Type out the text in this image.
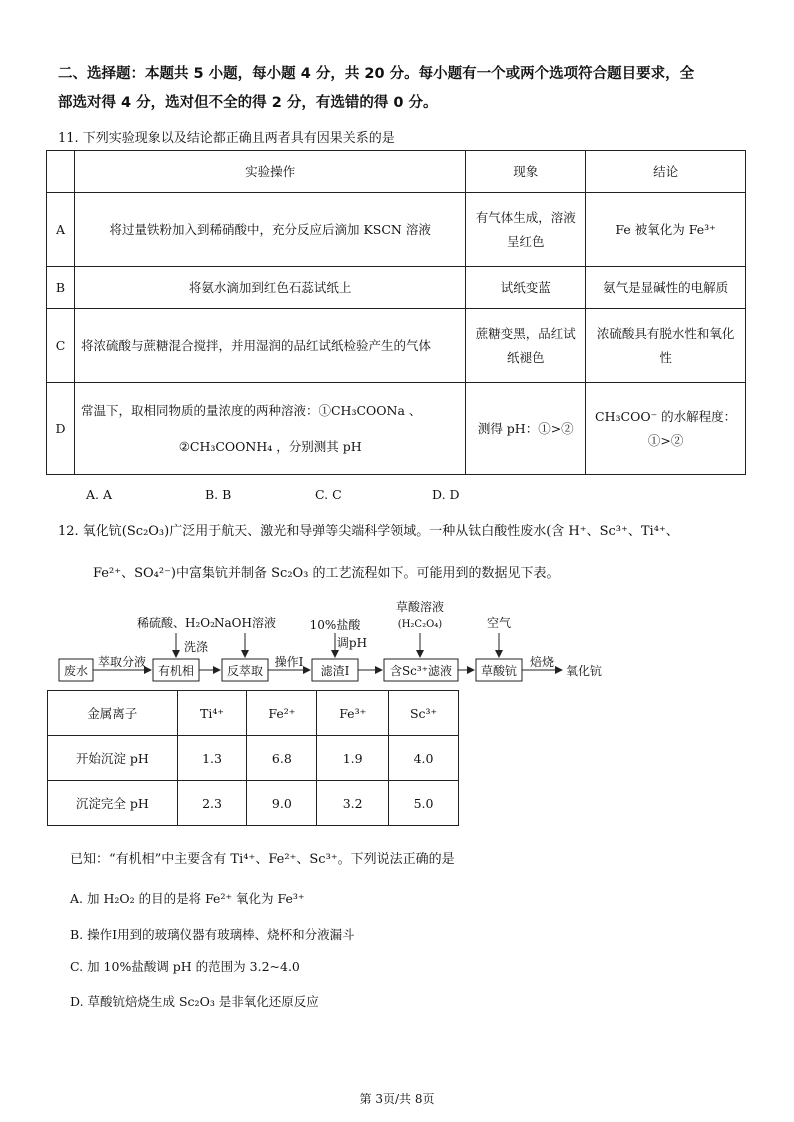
二、选择题：本题共 5 小题，每小题 4 分，共 20 分。每小题有一个或两个选项符合题目要求，全
部选对得 4 分，选对但不全的得 2 分，有选错的得 0 分。
11. 下列实验现象以及结论都正确且两者具有因果关系的是
	实验操作	现象	结论
A	将过量铁粉加入到稀硝酸中，充分反应后滴加 KSCN 溶液	有气体生成，溶液呈红色	Fe 被氧化为 Fe³⁺
B	将氨水滴加到红色石蕊试纸上	试纸变蓝	氨气是显碱性的电解质
C	将浓硫酸与蔗糖混合搅拌，并用湿润的品红试纸检验产生的气体	蔗糖变黑，品红试纸褪色	浓硫酸具有脱水性和氧化性
D	常温下，取相同物质的量浓度的两种溶液：①CH₃COONa 、
②CH₃COONH₄ ，分别测其 pH	测得 pH：①>②	CH₃COO⁻ 的水解程度：①>②
A. A	B. B	C. C	D. D
12. 氧化钪(Sc₂O₃)广泛用于航天、激光和导弹等尖端科学领域。一种从钛白酸性废水(含 H⁺、Sc³⁺、Ti⁴⁺、
Fe²⁺、SO₄²⁻)中富集钪并制备 Sc₂O₃ 的工艺流程如下。可能用到的数据见下表。
废水	有机相	反萃取	滤渣Ⅰ	含Sc³⁺滤液 草酸钪	氧化钪
萃取分液	操作Ⅰ	焙烧
稀硫酸、H₂O₂
洗涤
NaOH溶液	10%盐酸
调pH
草酸溶液
(H₂C₂O₄)	空气
金属离子	Ti⁴⁺	Fe²⁺	Fe³⁺	Sc³⁺
开始沉淀 pH	1.3	6.8	1.9	4.0
沉淀完全 pH	2.3	9.0	3.2	5.0
已知：“有机相”中主要含有 Ti⁴⁺、Fe²⁺、Sc³⁺。下列说法正确的是
A. 加 H₂O₂ 的目的是将 Fe²⁺ 氧化为 Fe³⁺
B. 操作Ⅰ用到的玻璃仪器有玻璃棒、烧杯和分液漏斗
C. 加 10%盐酸调 pH 的范围为 3.2~4.0
D. 草酸钪焙烧生成 Sc₂O₃ 是非氧化还原反应
第 3页/共 8页
